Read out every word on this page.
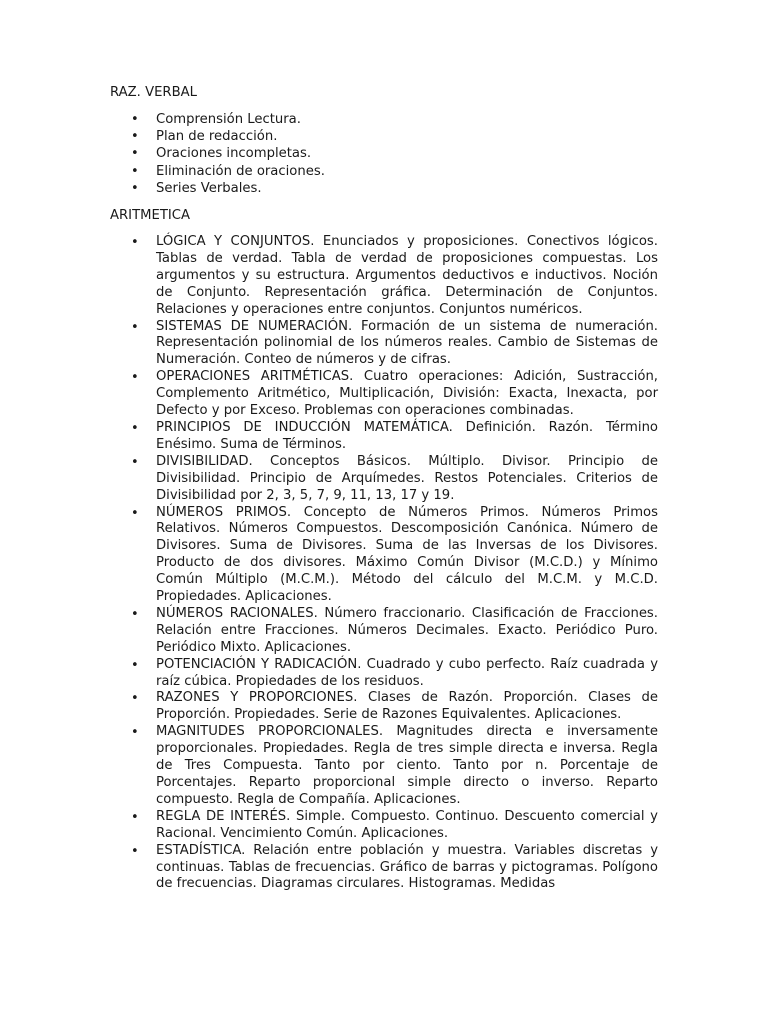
RAZ. VERBAL

• Comprensión Lectura.
• Plan de redacción.
• Oraciones incompletas.
• Eliminación de oraciones.
• Series Verbales.

ARITMETICA

• LÓGICA Y CONJUNTOS. Enunciados y proposiciones. Conectivos lógicos. Tablas de verdad. Tabla de verdad de proposiciones compuestas. Los argumentos y su estructura. Argumentos deductivos e inductivos. Noción de Conjunto. Representación gráfica. Determinación de Conjuntos. Relaciones y operaciones entre conjuntos. Conjuntos numéricos.
• SISTEMAS DE NUMERACIÓN. Formación de un sistema de numeración. Representación polinomial de los números reales. Cambio de Sistemas de Numeración. Conteo de números y de cifras.
• OPERACIONES ARITMÉTICAS. Cuatro operaciones: Adición, Sustracción, Complemento Aritmético, Multiplicación, División: Exacta, Inexacta, por Defecto y por Exceso. Problemas con operaciones combinadas.
• PRINCIPIOS DE INDUCCIÓN MATEMÁTICA. Definición. Razón. Término Enésimo. Suma de Términos.
• DIVISIBILIDAD. Conceptos Básicos. Múltiplo. Divisor. Principio de Divisibilidad. Principio de Arquímedes. Restos Potenciales. Criterios de Divisibilidad por 2, 3, 5, 7, 9, 11, 13, 17 y 19.
• NÚMEROS PRIMOS. Concepto de Números Primos. Números Primos Relativos. Números Compuestos. Descomposición Canónica. Número de Divisores. Suma de Divisores. Suma de las Inversas de los Divisores. Producto de dos divisores. Máximo Común Divisor (M.C.D.) y Mínimo Común Múltiplo (M.C.M.). Método del cálculo del M.C.M. y M.C.D. Propiedades. Aplicaciones.
• NÚMEROS RACIONALES. Número fraccionario. Clasificación de Fracciones. Relación entre Fracciones. Números Decimales. Exacto. Periódico Puro. Periódico Mixto. Aplicaciones.
• POTENCIACIÓN Y RADICACIÓN. Cuadrado y cubo perfecto. Raíz cuadrada y raíz cúbica. Propiedades de los residuos.
• RAZONES Y PROPORCIONES. Clases de Razón. Proporción. Clases de Proporción. Propiedades. Serie de Razones Equivalentes. Aplicaciones.
• MAGNITUDES PROPORCIONALES. Magnitudes directa e inversamente proporcionales. Propiedades. Regla de tres simple directa e inversa. Regla de Tres Compuesta. Tanto por ciento. Tanto por n. Porcentaje de Porcentajes. Reparto proporcional simple directo o inverso. Reparto compuesto. Regla de Compañía. Aplicaciones.
• REGLA DE INTERÉS. Simple. Compuesto. Continuo. Descuento comercial y Racional. Vencimiento Común. Aplicaciones.
• ESTADÍSTICA. Relación entre población y muestra. Variables discretas y continuas. Tablas de frecuencias. Gráfico de barras y pictogramas. Polígono de frecuencias. Diagramas circulares. Histogramas. Medidas
